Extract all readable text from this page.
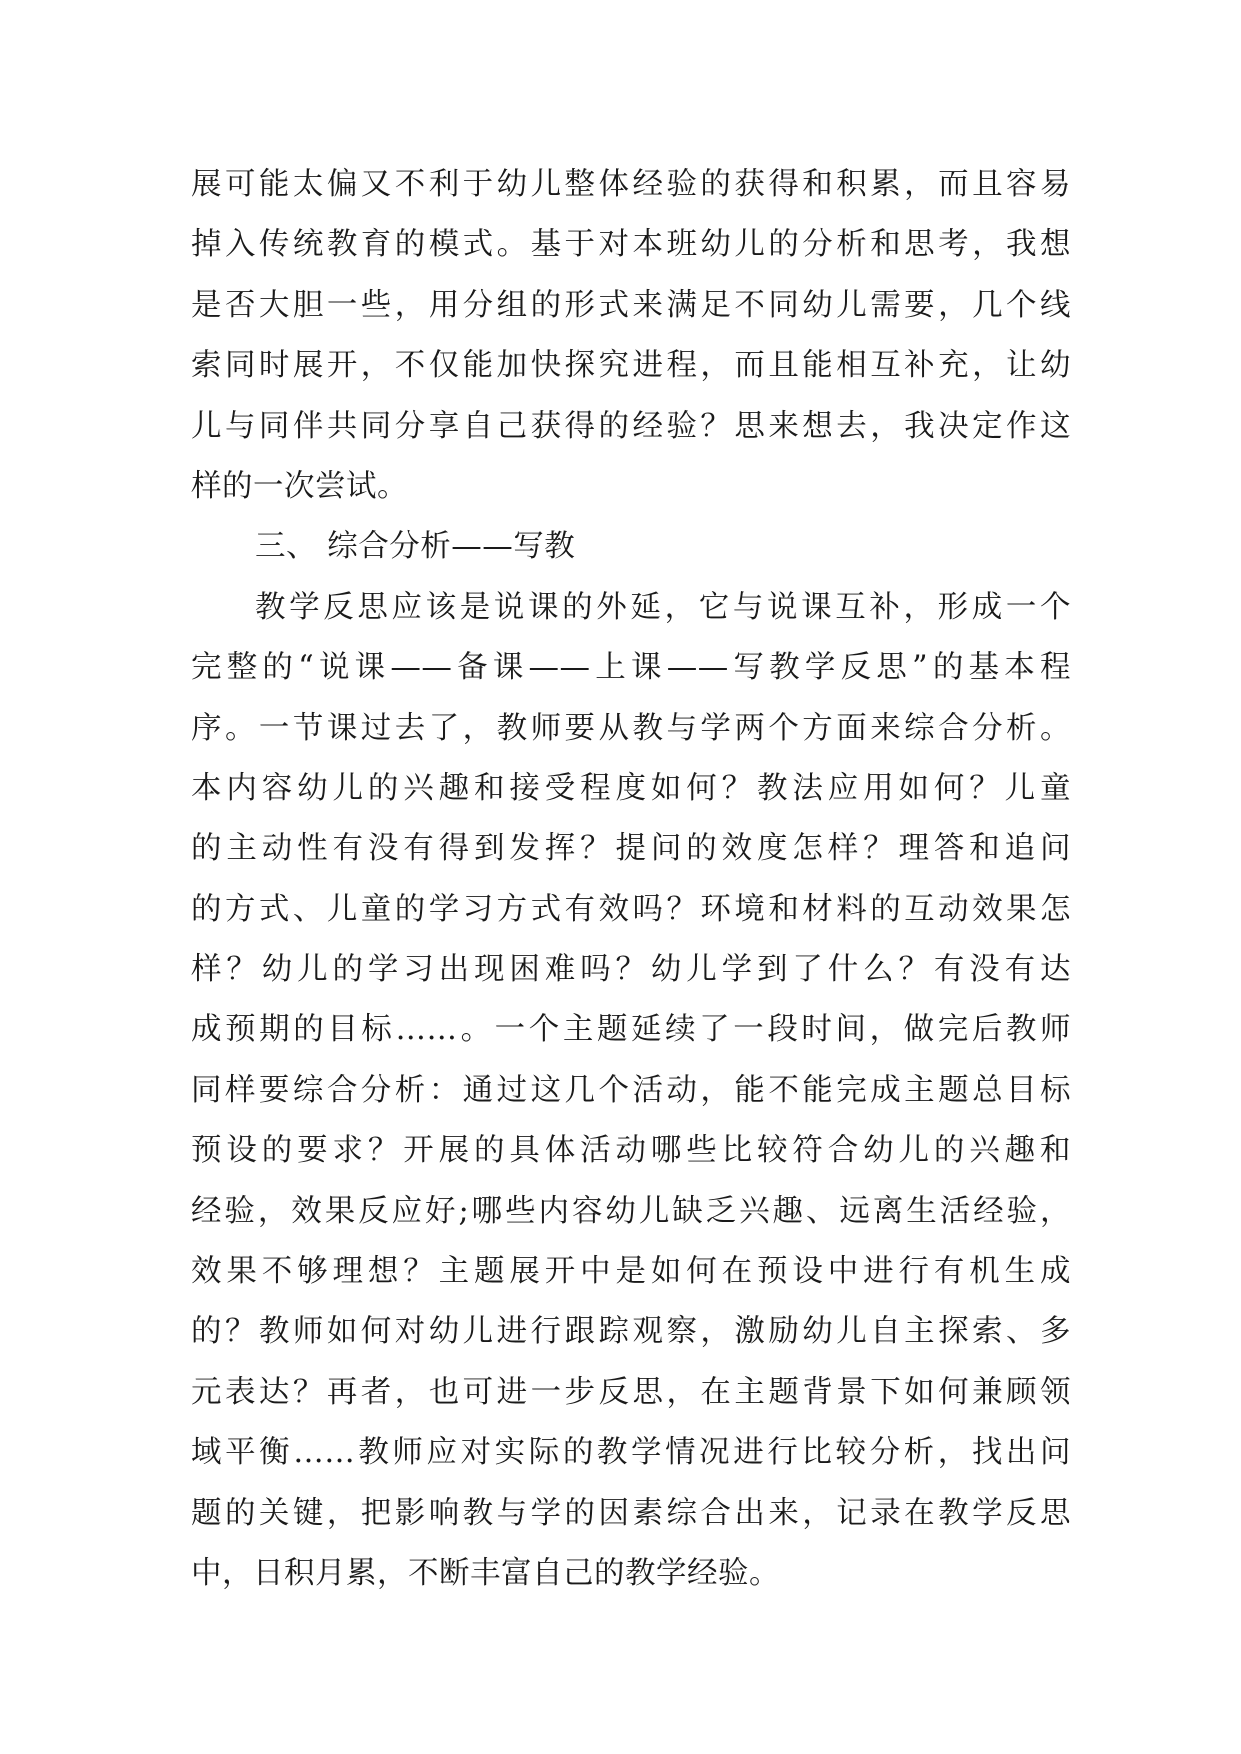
展可能太偏又不利于幼儿整体经验的获得和积累，而且容易
掉入传统教育的模式。基于对本班幼儿的分析和思考，我想
是否大胆一些，用分组的形式来满足不同幼儿需要，几个线
索同时展开，不仅能加快探究进程，而且能相互补充，让幼
儿与同伴共同分享自己获得的经验？思来想去，我决定作这
样的一次尝试。
三、 综合分析——写教
教学反思应该是说课的外延，它与说课互补，形成一个
完整的“说课——备课——上课——写教学反思”的基本程
序。一节课过去了，教师要从教与学两个方面来综合分析。
本内容幼儿的兴趣和接受程度如何？教法应用如何？儿童
的主动性有没有得到发挥？提问的效度怎样？理答和追问
的方式、儿童的学习方式有效吗？环境和材料的互动效果怎
样？幼儿的学习出现困难吗？幼儿学到了什么？有没有达
成预期的目标……。一个主题延续了一段时间，做完后教师
同样要综合分析：通过这几个活动，能不能完成主题总目标
预设的要求？开展的具体活动哪些比较符合幼儿的兴趣和
经验，效果反应好;哪些内容幼儿缺乏兴趣、远离生活经验，
效果不够理想？主题展开中是如何在预设中进行有机生成
的？教师如何对幼儿进行跟踪观察，激励幼儿自主探索、多
元表达？再者，也可进一步反思，在主题背景下如何兼顾领
域平衡……教师应对实际的教学情况进行比较分析，找出问
题的关键，把影响教与学的因素综合出来，记录在教学反思
中，日积月累，不断丰富自己的教学经验。
